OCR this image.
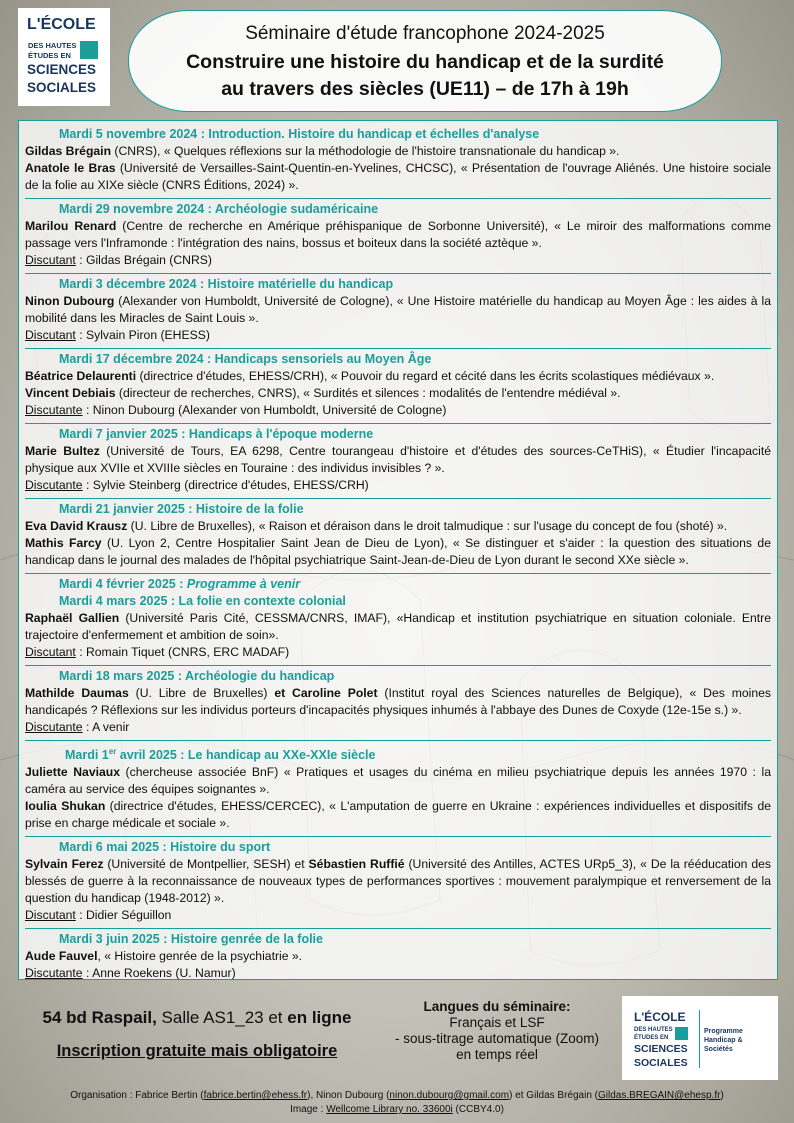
L'ÉCOLE
DES HAUTES
ÉTUDES EN
SCIENCES
SOCIALES
Séminaire d'étude francophone 2024-2025
Construire une histoire du handicap et de la surdité
au travers des siècles (UE11) – de 17h à 19h
Mardi 5 novembre 2024 : Introduction. Histoire du handicap et échelles d'analyse

Gildas Brégain (CNRS), « Quelques réflexions sur la méthodologie de l'histoire transnationale du handicap ».

Anatole le Bras (Université de Versailles-Saint-Quentin-en-Yvelines, CHCSC), « Présentation de l'ouvrage Aliénés. Une histoire sociale de la folie au XIXe siècle (CNRS Éditions, 2024) ».

Mardi 29 novembre 2024 : Archéologie sudaméricaine

Marilou Renard (Centre de recherche en Amérique préhispanique de Sorbonne Université), « Le miroir des malformations comme passage vers l'Inframonde : l'intégration des nains, bossus et boiteux dans la société aztèque ».

Discutant : Gildas Brégain (CNRS)

Mardi 3 décembre 2024 : Histoire matérielle du handicap

Ninon Dubourg (Alexander von Humboldt, Université de Cologne), « Une Histoire matérielle du handicap au Moyen Âge : les aides à la mobilité dans les Miracles de Saint Louis ».

Discutant : Sylvain Piron (EHESS)

Mardi 17 décembre 2024 : Handicaps sensoriels au Moyen Âge

Béatrice Delaurenti (directrice d'études, EHESS/CRH), « Pouvoir du regard et cécité dans les écrits scolastiques médiévaux ».

Vincent Debiais (directeur de recherches, CNRS), « Surdités et silences : modalités de l'entendre médiéval ».

Discutante : Ninon Dubourg (Alexander von Humboldt, Université de Cologne)

Mardi 7 janvier 2025 : Handicaps à l'époque moderne

Marie Bultez (Université de Tours, EA 6298, Centre tourangeau d'histoire et d'études des sources-CeTHiS), « Étudier l'incapacité physique aux XVIIe et XVIIIe siècles en Touraine : des individus invisibles ? ».

Discutante : Sylvie Steinberg (directrice d'études, EHESS/CRH)

Mardi 21 janvier 2025 : Histoire de la folie

Eva David Krausz (U. Libre de Bruxelles), « Raison et déraison dans le droit talmudique : sur l'usage du concept de fou (shoté) ».

Mathis Farcy (U. Lyon 2, Centre Hospitalier Saint Jean de Dieu de Lyon), « Se distinguer et s'aider : la question des situations de handicap dans le journal des malades de l'hôpital psychiatrique Saint-Jean-de-Dieu de Lyon durant le second XXe siècle ».

Mardi 4 février 2025 : Programme à venir
Mardi 4 mars 2025 : La folie en contexte colonial

Raphaël Gallien (Université Paris Cité, CESSMA/CNRS, IMAF), «Handicap et institution psychiatrique en situation coloniale. Entre trajectoire d'enfermement et ambition de soin».

Discutant : Romain Tiquet (CNRS, ERC MADAF)

Mardi 18 mars 2025 : Archéologie du handicap

Mathilde Daumas (U. Libre de Bruxelles) et Caroline Polet (Institut royal des Sciences naturelles de Belgique), « Des moines handicapés ? Réflexions sur les individus porteurs d'incapacités physiques inhumés à l'abbaye des Dunes de Coxyde (12e-15e s.) ».

Discutante : A venir

Mardi 1er avril 2025 : Le handicap au XXe-XXIe siècle

Juliette Naviaux (chercheuse associée BnF) « Pratiques et usages du cinéma en milieu psychiatrique depuis les années 1970 : la caméra au service des équipes soignantes ».

Ioulia Shukan (directrice d'études, EHESS/CERCEC), « L'amputation de guerre en Ukraine : expériences individuelles et dispositifs de prise en charge médicale et sociale ».

Mardi 6 mai 2025 : Histoire du sport

Sylvain Ferez (Université de Montpellier, SESH) et Sébastien Ruffié (Université des Antilles, ACTES URp5_3), « De la rééducation des blessés de guerre à la reconnaissance de nouveaux types de performances sportives : mouvement paralympique et renversement de la question du handicap (1948-2012) ».

Discutant : Didier Séguillon

Mardi 3 juin 2025 : Histoire genrée de la folie

Aude Fauvel, « Histoire genrée de la psychiatrie ».

Discutante : Anne Roekens (U. Namur)

54 bd Raspail, Salle AS1_23 et en ligne
Inscription gratuite mais obligatoire
Langues du séminaire:
Français et LSF
- sous-titrage automatique (Zoom)
en temps réel
L'ÉCOLE
DES HAUTES
ÉTUDES EN
SCIENCES
SOCIALES
Programme
Handicap &
Sociétés
Organisation : Fabrice Bertin (fabrice.bertin@ehess.fr), Ninon Dubourg (ninon.dubourg@gmail.com) et Gildas Brégain (Gildas.BREGAIN@ehesp.fr)
Image : Wellcome Library no. 33600i (CCBY4.0)
